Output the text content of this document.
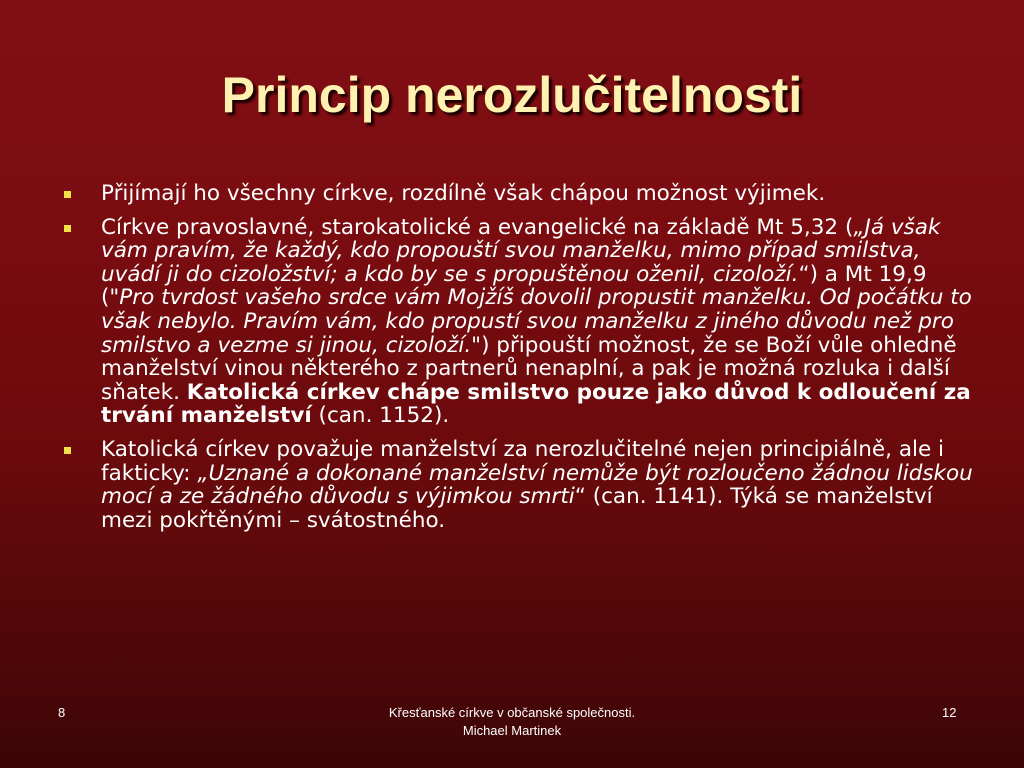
Princip nerozlučitelnosti
Přijímají ho všechny církve, rozdílně však chápou možnost výjimek.
Církve pravoslavné, starokatolické a evangelické na základě Mt 5,32 („Já však vám pravím, že každý, kdo propouští svou manželku, mimo případ smilstva, uvádí ji do cizoložství; a kdo by se s propuštěnou oženil, cizoloží.“) a Mt 19,9 ("Pro tvrdost vašeho srdce vám Mojžíš dovolil propustit manželku. Od počátku to však nebylo. Pravím vám, kdo propustí svou manželku z jiného důvodu než pro smilstvo a vezme si jinou, cizoloží.") připouští možnost, že se Boží vůle ohledně manželství vinou některého z partnerů nenaplní, a pak je možná rozluka i další sňatek. Katolická církev chápe smilstvo pouze jako důvod k odloučení za trvání manželství (can. 1152).
Katolická církev považuje manželství za nerozlučitelné nejen principiálně, ale i fakticky: „Uznané a dokonané manželství nemůže být rozloučeno žádnou lidskou mocí a ze žádného důvodu s výjimkou smrti“ (can. 1141). Týká se manželství mezi pokřtěnými – svátostného.
8	Křesťanské církve v občanské společnosti.
Michael Martinek
12
